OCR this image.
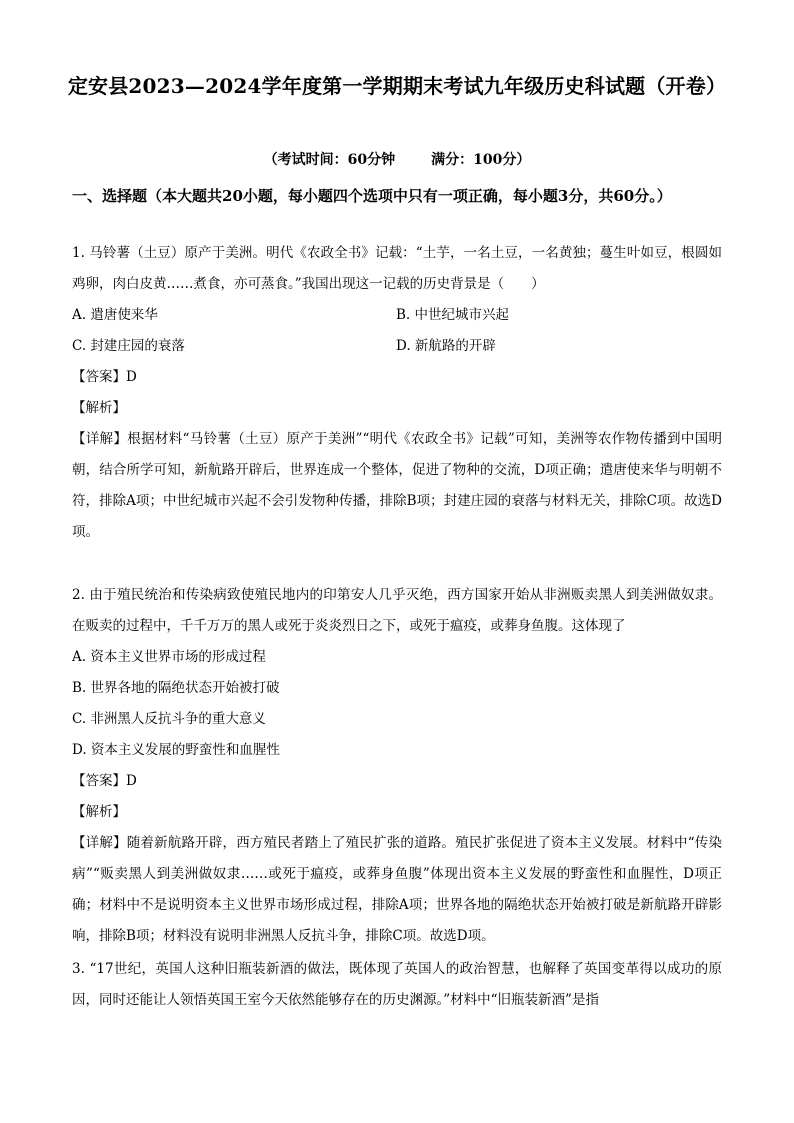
定安县2023—2024学年度第一学期期末考试九年级历史科试题（开卷）
（考试时间：60分钟	满分：100分）
一、选择题（本大题共20小题，每小题四个选项中只有一项正确，每小题3分，共60分。）
1. 马铃薯（土豆）原产于美洲。明代《农政全书》记载：“土芋，一名土豆，一名黄独；蔓生叶如豆，根圆如鸡卵，肉白皮黄……煮食，亦可蒸食。”我国出现这一记载的历史背景是（　　）
A. 遣唐使来华	B. 中世纪城市兴起
C. 封建庄园的衰落	D. 新航路的开辟
【答案】D
【解析】
【详解】根据材料“马铃薯（土豆）原产于美洲”“明代《农政全书》记载”可知，美洲等农作物传播到中国明朝，结合所学可知，新航路开辟后，世界连成一个整体，促进了物种的交流，D项正确；遣唐使来华与明朝不符，排除A项；中世纪城市兴起不会引发物种传播，排除B项；封建庄园的衰落与材料无关，排除C项。故选D项。
2. 由于殖民统治和传染病致使殖民地内的印第安人几乎灭绝，西方国家开始从非洲贩卖黑人到美洲做奴隶。在贩卖的过程中，千千万万的黑人或死于炎炎烈日之下，或死于瘟疫，或葬身鱼腹。这体现了
A. 资本主义世界市场的形成过程
B. 世界各地的隔绝状态开始被打破
C. 非洲黑人反抗斗争的重大意义
D. 资本主义发展的野蛮性和血腥性
【答案】D
【解析】
【详解】随着新航路开辟，西方殖民者踏上了殖民扩张的道路。殖民扩张促进了资本主义发展。材料中“传染病”“贩卖黑人到美洲做奴隶……或死于瘟疫，或葬身鱼腹”体现出资本主义发展的野蛮性和血腥性，D项正确；材料中不是说明资本主义世界市场形成过程，排除A项；世界各地的隔绝状态开始被打破是新航路开辟影响，排除B项；材料没有说明非洲黑人反抗斗争，排除C项。故选D项。
3. “17世纪，英国人这种旧瓶装新酒的做法，既体现了英国人的政治智慧，也解释了英国变革得以成功的原因，同时还能让人领悟英国王室今天依然能够存在的历史渊源。”材料中“旧瓶装新酒”是指
